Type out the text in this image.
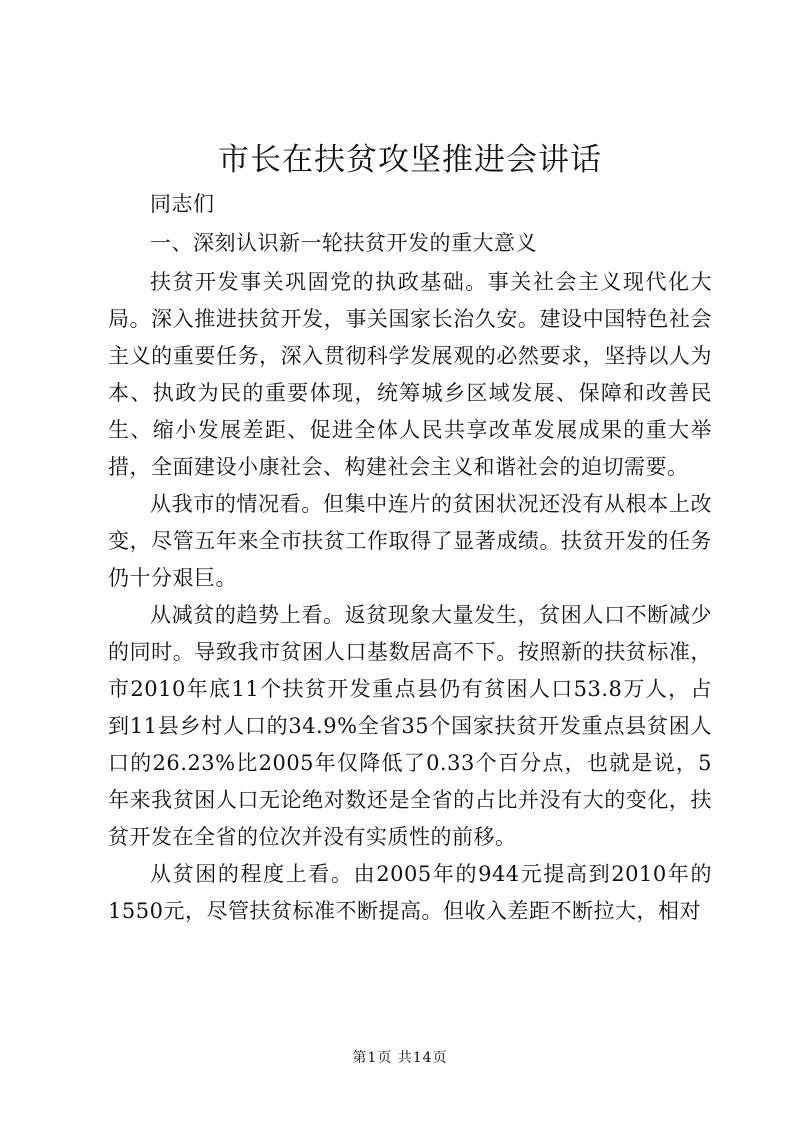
市长在扶贫攻坚推进会讲话

同志们

一、深刻认识新一轮扶贫开发的重大意义

扶贫开发事关巩固党的执政基础。事关社会主义现代化大局。深入推进扶贫开发，事关国家长治久安。建设中国特色社会主义的重要任务，深入贯彻科学发展观的必然要求，坚持以人为本、执政为民的重要体现，统筹城乡区域发展、保障和改善民生、缩小发展差距、促进全体人民共享改革发展成果的重大举措，全面建设小康社会、构建社会主义和谐社会的迫切需要。

从我市的情况看。但集中连片的贫困状况还没有从根本上改变，尽管五年来全市扶贫工作取得了显著成绩。扶贫开发的任务仍十分艰巨。

从减贫的趋势上看。返贫现象大量发生，贫困人口不断减少的同时。导致我市贫困人口基数居高不下。按照新的扶贫标准，市2010年底11个扶贫开发重点县仍有贫困人口53.8万人，占到11县乡村人口的34.9%全省35个国家扶贫开发重点县贫困人口的26.23%比2005年仅降低了0.33个百分点，也就是说，5年来我贫困人口无论绝对数还是全省的占比并没有大的变化，扶贫开发在全省的位次并没有实质性的前移。

从贫困的程度上看。由2005年的944元提高到2010年的1550元，尽管扶贫标准不断提高。但收入差距不断拉大，相对

第1页 共14页
